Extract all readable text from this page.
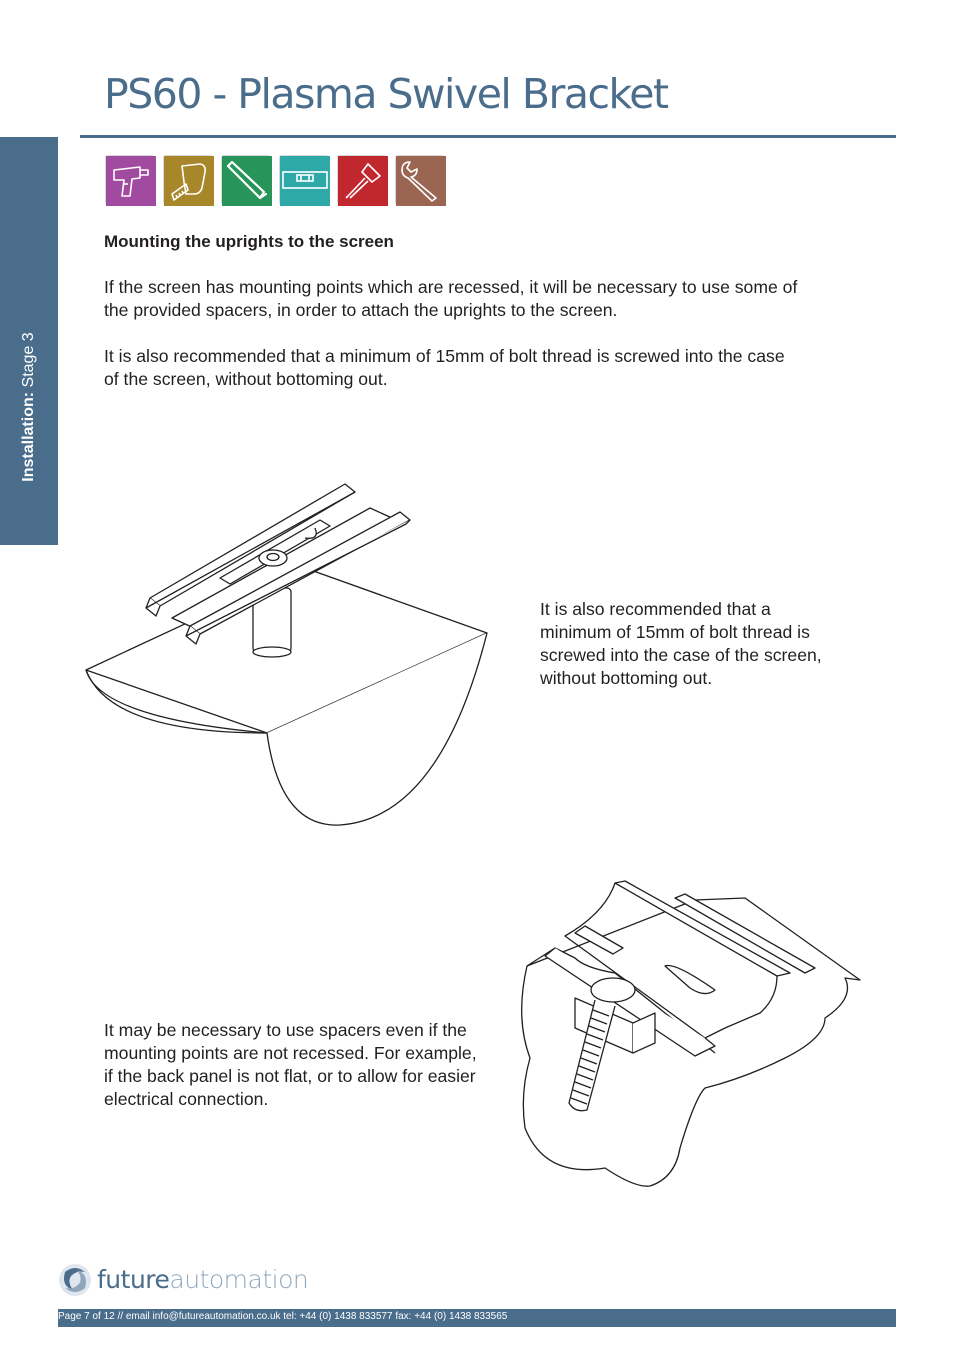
PS60 - Plasma Swivel Bracket
Installation: Stage 3
Mounting the uprights to the screen

If the screen has mounting points which are recessed, it will be necessary to use some of the provided spacers, in order to attach the uprights to the screen.

It is also recommended that a minimum of 15mm of bolt thread is screwed into the case of the screen, without bottoming out.

It is also recommended that a minimum of 15mm of bolt thread is screwed into the case of the screen, without bottoming out.

It may be necessary to use spacers even if the mounting points are not recessed. For example, if the back panel is not flat, or to allow for easier electrical connection.

futureautomation
Page 7 of 12 // email info@futureautomation.co.uk tel: +44 (0) 1438 833577 fax: +44 (0) 1438 833565
